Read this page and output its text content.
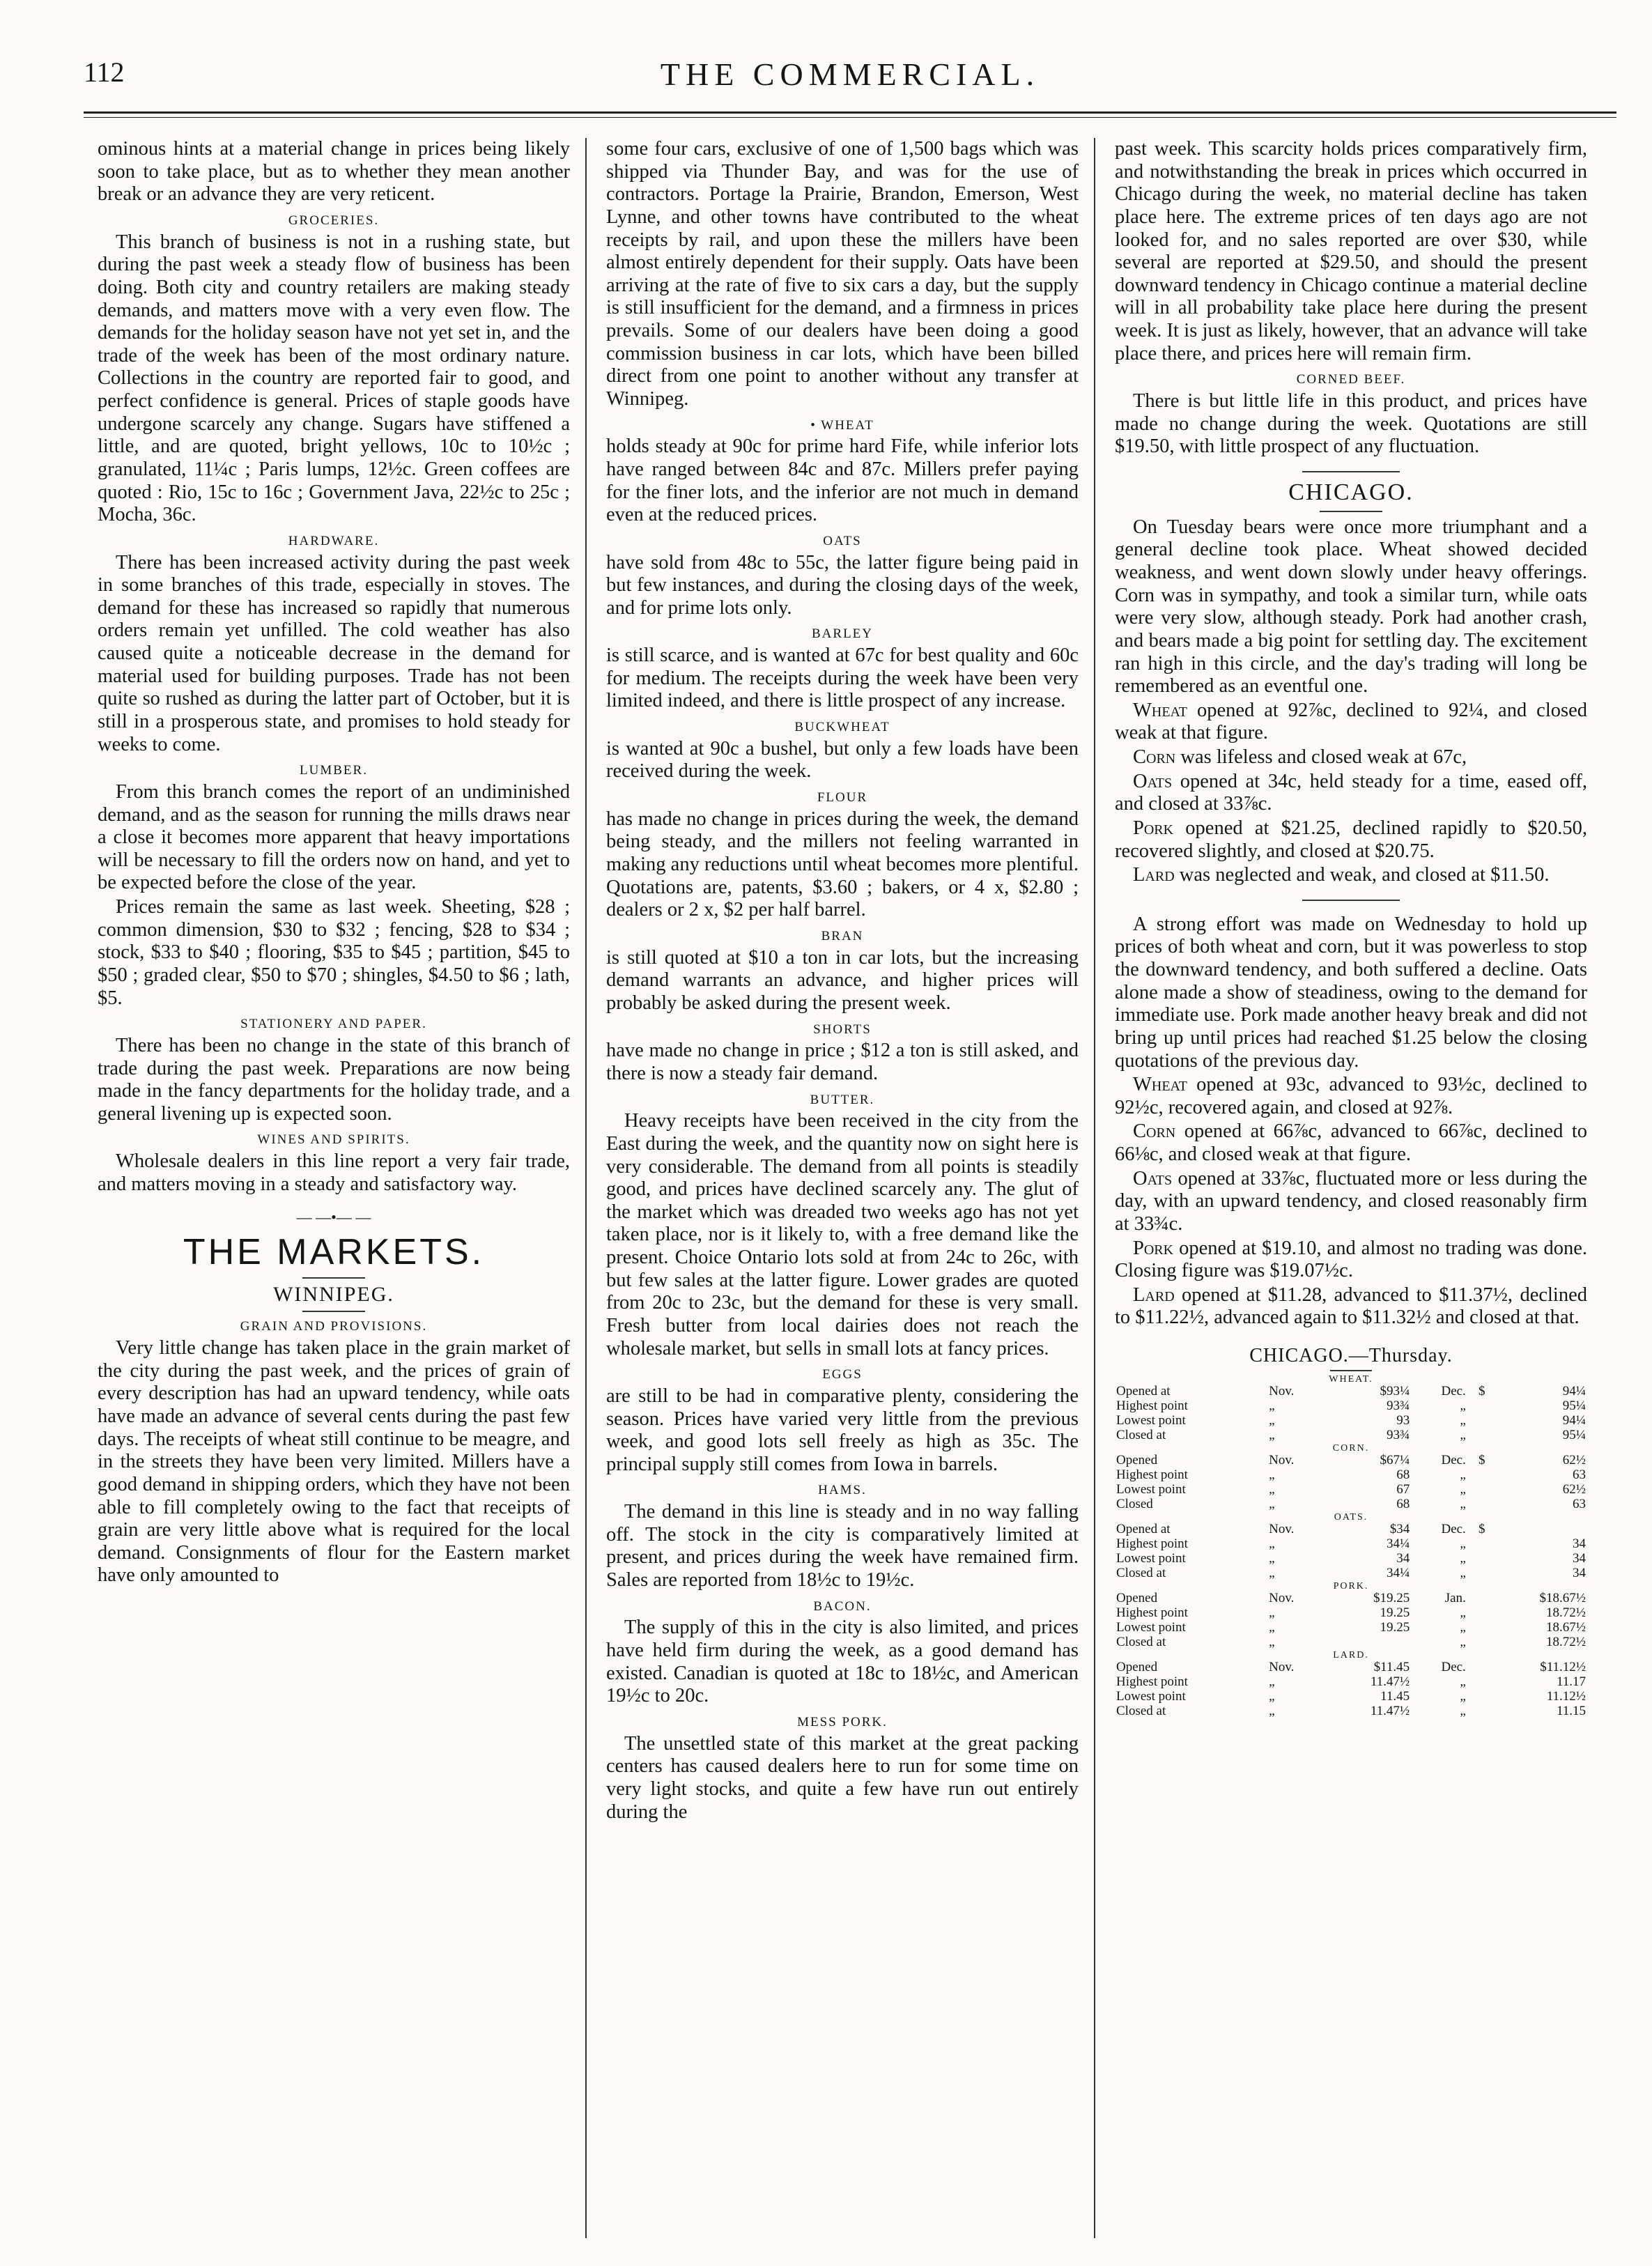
112	THE COMMERCIAL.

ominous hints at a material change in prices being likely soon to take place, but as to whether they mean another break or an advance they are very reticent.

GROCERIES.

This branch of business is not in a rushing state, but during the past week a steady flow of business has been doing. Both city and country retailers are making steady demands, and matters move with a very even flow. The demands for the holiday season have not yet set in, and the trade of the week has been of the most ordinary nature. Collections in the country are reported fair to good, and perfect confidence is general. Prices of staple goods have undergone scarcely any change. Sugars have stiffened a little, and are quoted, bright yellows, 10c to 10½c ; granulated, 11¼c ; Paris lumps, 12½c. Green coffees are quoted : Rio, 15c to 16c ; Government Java, 22½c to 25c ; Mocha, 36c.

HARDWARE.

There has been increased activity during the past week in some branches of this trade, especially in stoves. The demand for these has increased so rapidly that numerous orders remain yet unfilled. The cold weather has also caused quite a noticeable decrease in the demand for material used for building purposes. Trade has not been quite so rushed as during the latter part of October, but it is still in a prosperous state, and promises to hold steady for weeks to come.

LUMBER.

From this branch comes the report of an undiminished demand, and as the season for running the mills draws near a close it becomes more apparent that heavy importations will be necessary to fill the orders now on hand, and yet to be expected before the close of the year.

Prices remain the same as last week. Sheeting, $28 ; common dimension, $30 to $32 ; fencing, $28 to $34 ; stock, $33 to $40 ; flooring, $35 to $45 ; partition, $45 to $50 ; graded clear, $50 to $70 ; shingles, $4.50 to $6 ; lath, $5.

STATIONERY AND PAPER.

There has been no change in the state of this branch of trade during the past week. Preparations are now being made in the fancy departments for the holiday trade, and a general livening up is expected soon.

WINES AND SPIRITS.

Wholesale dealers in this line report a very fair trade, and matters moving in a steady and satisfactory way.

— —•— —
THE MARKETS.
WINNIPEG.
GRAIN AND PROVISIONS.

Very little change has taken place in the grain market of the city during the past week, and the prices of grain of every description has had an upward tendency, while oats have made an advance of several cents during the past few days. The receipts of wheat still continue to be meagre, and in the streets they have been very limited. Millers have a good demand in shipping orders, which they have not been able to fill completely owing to the fact that receipts of grain are very little above what is required for the local demand. Consignments of flour for the Eastern market have only amounted to

some four cars, exclusive of one of 1,500 bags which was shipped via Thunder Bay, and was for the use of contractors. Portage la Prairie, Brandon, Emerson, West Lynne, and other towns have contributed to the wheat receipts by rail, and upon these the millers have been almost entirely dependent for their supply. Oats have been arriving at the rate of five to six cars a day, but the supply is still insufficient for the demand, and a firmness in prices prevails. Some of our dealers have been doing a good commission business in car lots, which have been billed direct from one point to another without any transfer at Winnipeg.

• WHEAT

holds steady at 90c for prime hard Fife, while inferior lots have ranged between 84c and 87c. Millers prefer paying for the finer lots, and the inferior are not much in demand even at the reduced prices.

OATS

have sold from 48c to 55c, the latter figure being paid in but few instances, and during the closing days of the week, and for prime lots only.

BARLEY

is still scarce, and is wanted at 67c for best quality and 60c for medium. The receipts during the week have been very limited indeed, and there is little prospect of any increase.

BUCKWHEAT

is wanted at 90c a bushel, but only a few loads have been received during the week.

FLOUR

has made no change in prices during the week, the demand being steady, and the millers not feeling warranted in making any reductions until wheat becomes more plentiful. Quotations are, patents, $3.60 ; bakers, or 4 x, $2.80 ; dealers or 2 x, $2 per half barrel.

BRAN

is still quoted at $10 a ton in car lots, but the increasing demand warrants an advance, and higher prices will probably be asked during the present week.

SHORTS

have made no change in price ; $12 a ton is still asked, and there is now a steady fair demand.

BUTTER.

Heavy receipts have been received in the city from the East during the week, and the quantity now on sight here is very considerable. The demand from all points is steadily good, and prices have declined scarcely any. The glut of the market which was dreaded two weeks ago has not yet taken place, nor is it likely to, with a free demand like the present. Choice Ontario lots sold at from 24c to 26c, with but few sales at the latter figure. Lower grades are quoted from 20c to 23c, but the demand for these is very small. Fresh butter from local dairies does not reach the wholesale market, but sells in small lots at fancy prices.

EGGS

are still to be had in comparative plenty, considering the season. Prices have varied very little from the previous week, and good lots sell freely as high as 35c. The principal supply still comes from Iowa in barrels.

HAMS.

The demand in this line is steady and in no way falling off. The stock in the city is comparatively limited at present, and prices during the week have remained firm. Sales are reported from 18½c to 19½c.

BACON.

The supply of this in the city is also limited, and prices have held firm during the week, as a good demand has existed. Canadian is quoted at 18c to 18½c, and American 19½c to 20c.

MESS PORK.

The unsettled state of this market at the great packing centers has caused dealers here to run for some time on very light stocks, and quite a few have run out entirely during the

past week. This scarcity holds prices comparatively firm, and notwithstanding the break in prices which occurred in Chicago during the week, no material decline has taken place here. The extreme prices of ten days ago are not looked for, and no sales reported are over $30, while several are reported at $29.50, and should the present downward tendency in Chicago continue a material decline will in all probability take place here during the present week. It is just as likely, however, that an advance will take place there, and prices here will remain firm.

CORNED BEEF.

There is but little life in this product, and prices have made no change during the week. Quotations are still $19.50, with little prospect of any fluctuation.

CHICAGO.

On Tuesday bears were once more triumphant and a general decline took place. Wheat showed decided weakness, and went down slowly under heavy offerings. Corn was in sympathy, and took a similar turn, while oats were very slow, although steady. Pork had another crash, and bears made a big point for settling day. The excitement ran high in this circle, and the day's trading will long be remembered as an eventful one.

Wheat opened at 92⅞c, declined to 92¼, and closed weak at that figure.

Corn was lifeless and closed weak at 67c,

Oats opened at 34c, held steady for a time, eased off, and closed at 33⅞c.

Pork opened at $21.25, declined rapidly to $20.50, recovered slightly, and closed at $20.75.

Lard was neglected and weak, and closed at $11.50.

A strong effort was made on Wednesday to hold up prices of both wheat and corn, but it was powerless to stop the downward tendency, and both suffered a decline. Oats alone made a show of steadiness, owing to the demand for immediate use. Pork made another heavy break and did not bring up until prices had reached $1.25 below the closing quotations of the previous day.

Wheat opened at 93c, advanced to 93½c, declined to 92½c, recovered again, and closed at 92⅞.

Corn opened at 66⅞c, advanced to 66⅞c, declined to 66⅛c, and closed weak at that figure.

Oats opened at 33⅞c, fluctuated more or less during the day, with an upward tendency, and closed reasonably firm at 33¾c.

Pork opened at $19.10, and almost no trading was done. Closing figure was $19.07½c.

Lard opened at $11.28, advanced to $11.37½, declined to $11.22½, advanced again to $11.32½ and closed at that.

CHICAGO.—Thursday.
WHEAT.					
Opened at	Nov.	$93¼	Dec.	$	94¼
Highest point	„	93¾	„		95¼
Lowest point	„	93	„		94¼
Closed at	„	93¾	„		95¼
CORN.					
Opened	Nov.	$67¼	Dec.	$	62½
Highest point	„	68	„		63
Lowest point	„	67	„		62½
Closed	„	68	„		63
OATS.					
Opened at	Nov.	$34	Dec.	$	
Highest point	„	34¼	„		34
Lowest point	„	34	„		34
Closed at	„	34¼	„		34
PORK.					
Opened	Nov.	$19.25	Jan.		$18.67½
Highest point	„	19.25	„		18.72½
Lowest point	„	19.25	„		18.67½
Closed at	„		„		18.72½
LARD.					
Opened	Nov.	$11.45	Dec.		$11.12½
Highest point	„	11.47½	„		11.17
Lowest point	„	11.45	„		11.12½
Closed at	„	11.47½	„		11.15
